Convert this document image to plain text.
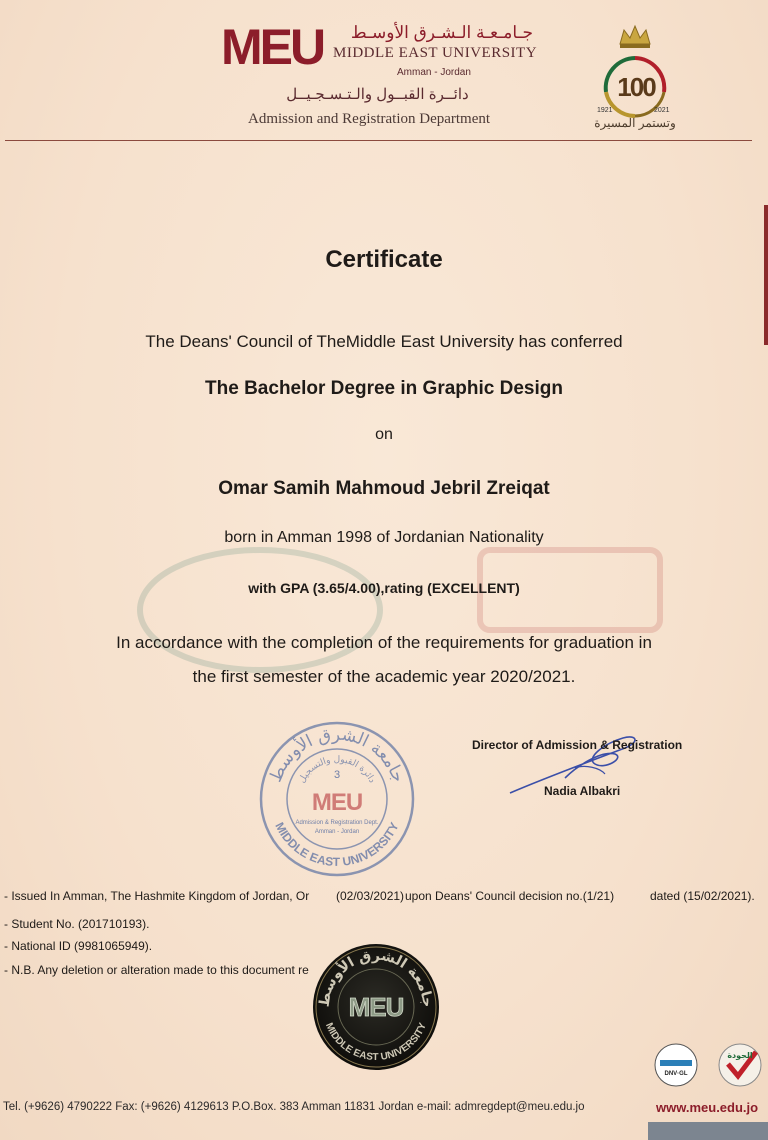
MEU	جـامـعـة الـشـرق الأوسـط
MIDDLE EAST UNIVERSITY
Amman - Jordan
دائــرة القبــول والـتـسـجـيــل
Admission and Registration Department
1921	2021
100
وتستمر المسيرة
Certificate
The Deans' Council of TheMiddle East University has conferred
The Bachelor Degree in Graphic Design
on
Omar Samih Mahmoud Jebril Zreiqat
born in Amman 1998 of Jordanian Nationality
with GPA (3.65/4.00),rating (EXCELLENT)
In accordance with the completion of the requirements for graduation in
the first semester of the academic year 2020/2021.
جامعة الشرق الأوسط
MIDDLE EAST UNIVERSITY
دائرة القبول والتسجيل
3
MEU
Admission & Registration Dept.
Amman - Jordan
Director of Admission & Registration
Nadia Albakri
- Issued In Amman, The Hashmite Kingdom of Jordan, Or (02/03/2021) upon Deans' Council decision no.(1/21)	dated (15/02/2021).
- Student No. (201710193).
- National ID (9981065949).
- N.B. Any deletion or alteration made to this document re
جامعة الشرق الأوسط
MIDDLE EAST UNIVERSITY
MEU
DNV·GL
الجودة
Tel. (+9626) 4790222 Fax: (+9626) 4129613 P.O.Box. 383 Amman 11831 Jordan e-mail: admregdept@meu.edu.jo	www.meu.edu.jo
